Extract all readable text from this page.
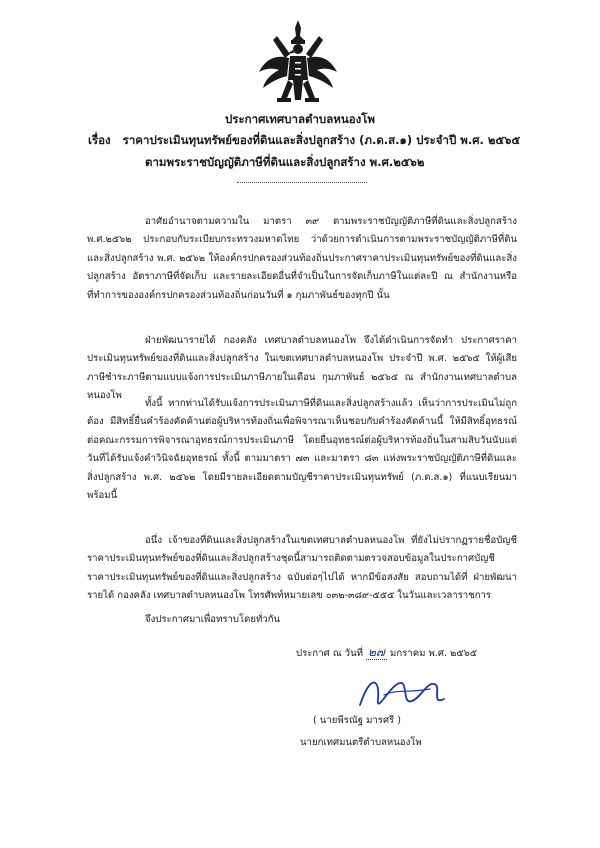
ประกาศเทศบาลตำบลหนองโพ
เรื่อง ราคาประเมินทุนทรัพย์ของที่ดินและสิ่งปลูกสร้าง (ภ.ด.ส.๑) ประจำปี พ.ศ. ๒๕๖๕
ตามพระราชบัญญัติภาษีที่ดินและสิ่งปลูกสร้าง พ.ศ.๒๕๖๒

อาศัยอำนาจตามความใน มาตรา ๓๙ ตามพระราชบัญญัติภาษีที่ดินและสิ่งปลูกสร้าง พ.ศ.๒๕๖๒ ประกอบกับระเบียบกระทรวงมหาดไทย ว่าด้วยการดำเนินการตามพระราชบัญญัติภาษีที่ดินและสิ่งปลูกสร้าง พ.ศ. ๒๕๖๒ ให้องค์กรปกครองส่วนท้องถิ่นประกาศราคาประเมินทุนทรัพย์ของที่ดินและสิ่งปลูกสร้าง อัตราภาษีที่จัดเก็บ และรายละเอียดอื่นที่จำเป็นในการจัดเก็บภาษีในแต่ละปี ณ สำนักงานหรือที่ทำการขององค์กรปกครองส่วนท้องถิ่นก่อนวันที่ ๑ กุมภาพันธ์ของทุกปี นั้น

ฝ่ายพัฒนารายได้ กองคลัง เทศบาลตำบลหนองโพ จึงได้ดำเนินการจัดทำ ประกาศราคาประเมินทุนทรัพย์ของที่ดินและสิ่งปลูกสร้าง ในเขตเทศบาลตำบลหนองโพ ประจำปี พ.ศ. ๒๕๖๕ ให้ผู้เสียภาษีชำระภาษีตามแบบแจ้งการประเมินภาษีภายในเดือน กุมภาพันธ์ ๒๕๖๕ ณ สำนักงานเทศบาลตำบลหนองโพ

ทั้งนี้ หากท่านได้รับแจ้งการประเมินภาษีที่ดินและสิ่งปลูกสร้างแล้ว เห็นว่าการประเมินไม่ถูกต้อง มีสิทธิ์ยื่นคำร้องคัดค้านต่อผู้บริหารท้องถิ่นเพื่อพิจารณาเห็นชอบกับคำร้องคัดค้านนี้ ให้มีสิทธิ์อุทธรณ์ต่อคณะกรรมการพิจารณาอุทธรณ์การประเมินภาษี โดยยื่นอุทธรณ์ต่อผู้บริหารท้องถิ่นในสามสิบวันนับแต่วันที่ได้รับแจ้งคำวินิจฉัยอุทธรณ์ ทั้งนี้ ตามมาตรา ๗๓ และมาตรา ๘๓ แห่งพระราชบัญญัติภาษีที่ดินและสิ่งปลูกสร้าง พ.ศ. ๒๕๖๒ โดยมีรายละเอียดตามบัญชีราคาประเมินทุนทรัพย์ (ภ.ด.ส.๑) ที่แนบเรียนมาพร้อมนี้

อนึ่ง เจ้าของที่ดินและสิ่งปลูกสร้างในเขตเทศบาลตำบลหนองโพ ที่ยังไม่ปรากฏรายชื่อบัญชีราคาประเมินทุนทรัพย์ของที่ดินและสิ่งปลูกสร้างชุดนี้สามารถติดตามตรวจสอบข้อมูลในประกาศบัญชีราคาประเมินทุนทรัพย์ของที่ดินและสิ่งปลูกสร้าง ฉบับต่อๆไปได้ หากมีข้อสงสัย สอบถามได้ที่ ฝ่ายพัฒนารายได้ กองคลัง เทศบาลตำบลหนองโพ โทรศัพท์หมายเลข ๐๓๒-๓๘๙-๕๕๕ ในวันและเวลาราชการ

จึงประกาศมาเพื่อทราบโดยทั่วกัน
ประกาศ ณ วันที่ ๒๗ มกราคม พ.ศ. ๒๕๖๕
( นายพีรณัฐ มารศรี )
นายกเทศมนตรีตำบลหนองโพ
